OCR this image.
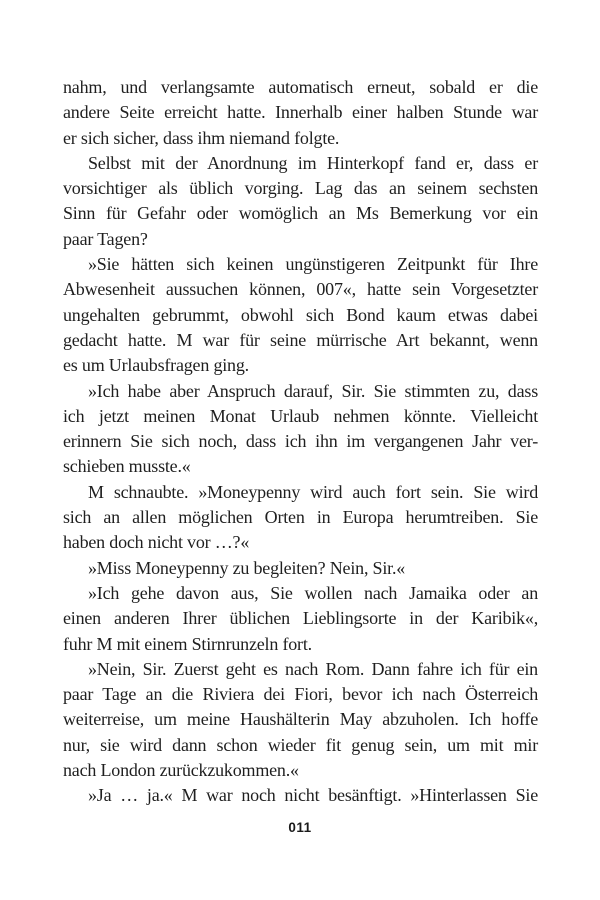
nahm, und verlangsamte automatisch erneut, sobald er die
andere Seite erreicht hatte. Innerhalb einer halben Stunde war
er sich sicher, dass ihm niemand folgte.
Selbst mit der Anordnung im Hinterkopf fand er, dass er
vorsichtiger als üblich vorging. Lag das an seinem sechsten
Sinn für Gefahr oder womöglich an Ms Bemerkung vor ein
paar Tagen?
»Sie hätten sich keinen ungünstigeren Zeitpunkt für Ihre
Abwesenheit aussuchen können, 007«, hatte sein Vorgesetzter
ungehalten gebrummt, obwohl sich Bond kaum etwas dabei
gedacht hatte. M war für seine mürrische Art bekannt, wenn
es um Urlaubsfragen ging.
»Ich habe aber Anspruch darauf, Sir. Sie stimmten zu, dass
ich jetzt meinen Monat Urlaub nehmen könnte. Vielleicht
erinnern Sie sich noch, dass ich ihn im vergangenen Jahr ver-
schieben musste.«
M schnaubte. »Moneypenny wird auch fort sein. Sie wird
sich an allen möglichen Orten in Europa herumtreiben. Sie
haben doch nicht vor …?«
»Miss Moneypenny zu begleiten? Nein, Sir.«
»Ich gehe davon aus, Sie wollen nach Jamaika oder an
einen anderen Ihrer üblichen Lieblingsorte in der Karibik«,
fuhr M mit einem Stirnrunzeln fort.
»Nein, Sir. Zuerst geht es nach Rom. Dann fahre ich für ein
paar Tage an die Riviera dei Fiori, bevor ich nach Österreich
weiterreise, um meine Haushälterin May abzuholen. Ich hoffe
nur, sie wird dann schon wieder fit genug sein, um mit mir
nach London zurückzukommen.«
»Ja … ja.« M war noch nicht besänftigt. »Hinterlassen Sie
011
